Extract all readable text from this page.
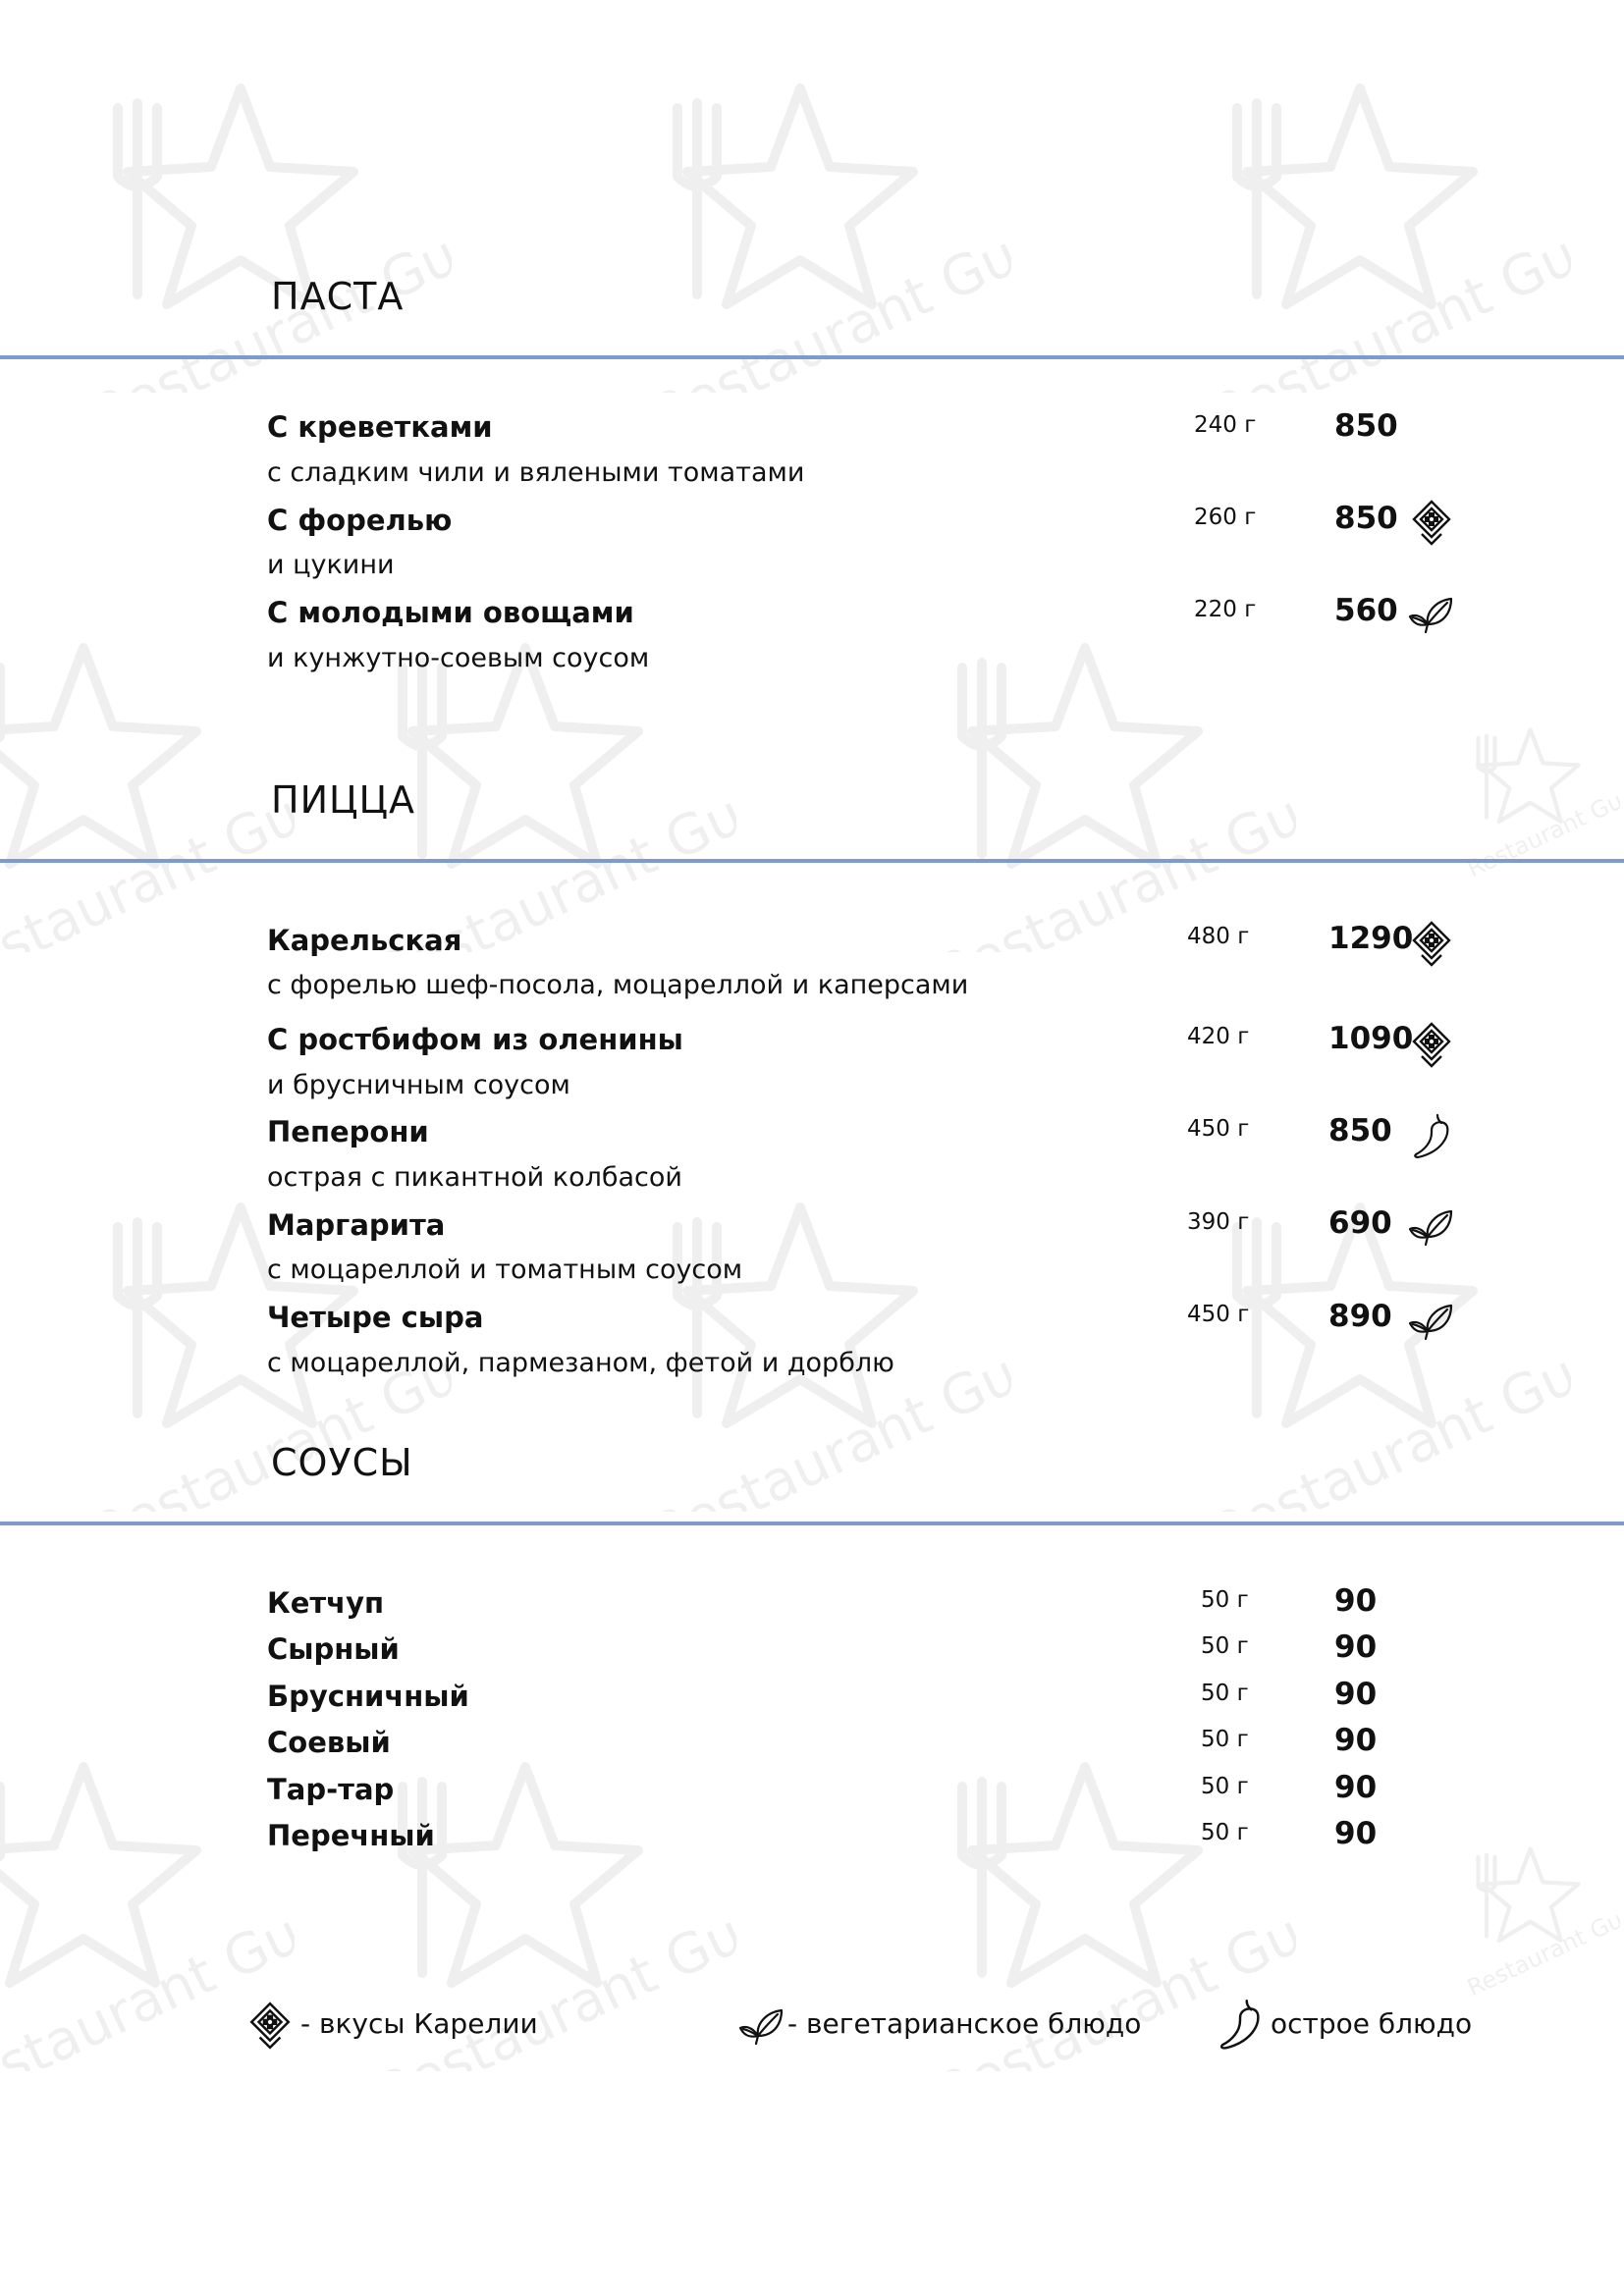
ПАСТА
С креветками
с сладким чили и вялеными томатами
240 г	850
С форелью
и цукини
260 г	850
С молодыми овощами
и кунжутно-соевым соусом
220 г	560
ПИЦЦА
Карельская
с форелью шеф-посола, моцареллой и каперсами
480 г	1290
С ростбифом из оленины
и брусничным соусом
420 г	1090
Пеперони
острая с пикантной колбасой
450 г	850
Маргарита
с моцареллой и томатным соусом
390 г	690
Четыре сыра
с моцареллой, пармезаном, фетой и дорблю
450 г	890
СОУСЫ
Кетчуп	50 г	90
Сырный	50 г	90
Брусничный	50 г	90
Соевый	50 г	90
Тар-тар	50 г	90
Перечный	50 г	90
- вкусы Карелии	- вегетарианское блюдо	острое блюдо
